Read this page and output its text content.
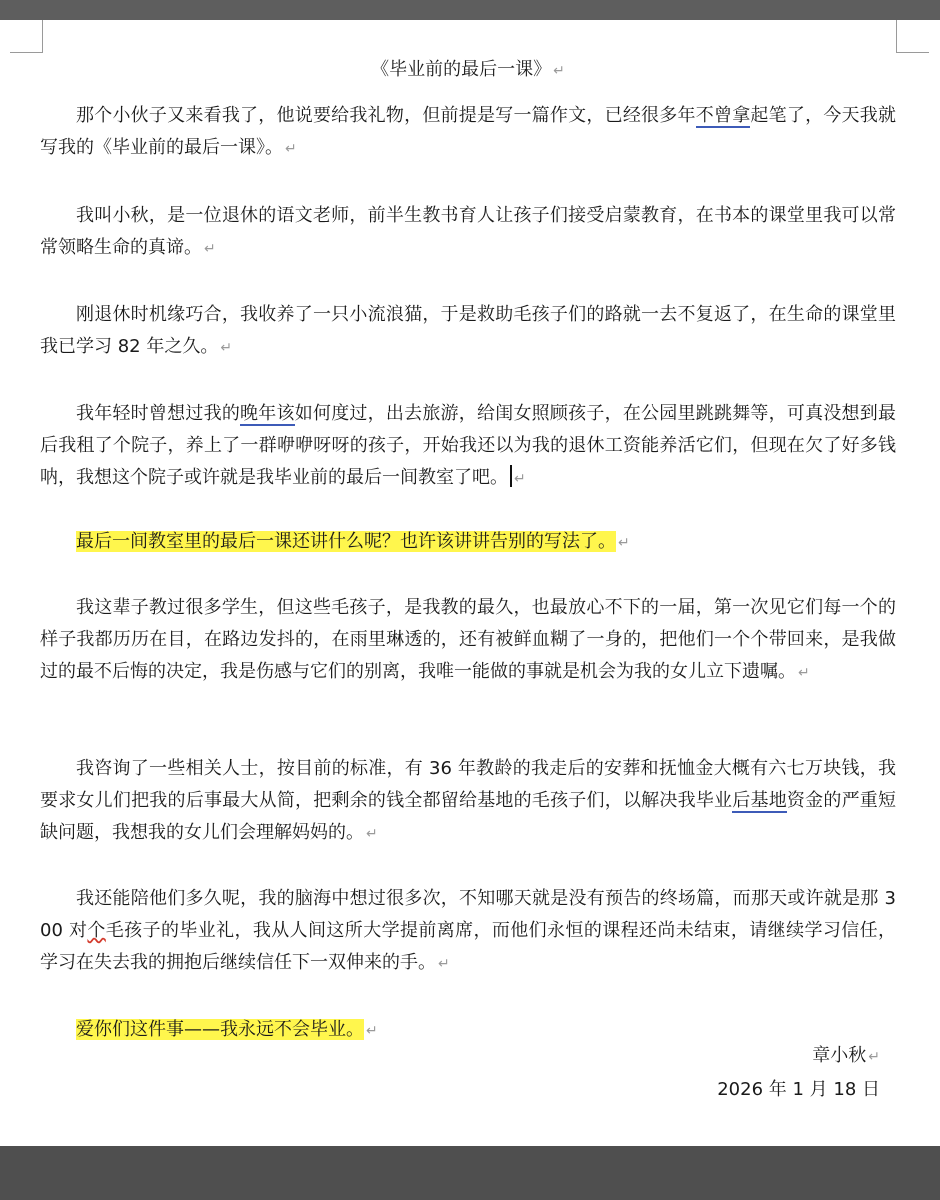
《毕业前的最后一课》 ↵
那个小伙子又来看我了，他说要给我礼物，但前提是写一篇作文，已经很多年不曾拿起笔了，今天我就写我的《毕业前的最后一课》。 ↵
我叫小秋，是一位退休的语文老师，前半生教书育人让孩子们接受启蒙教育，在书本的课堂里我可以常常领略生命的真谛。 ↵
刚退休时机缘巧合，我收养了一只小流浪猫，于是救助毛孩子们的路就一去不复返了，在生命的课堂里我已学习 82 年之久。 ↵
我年轻时曾想过我的晚年该如何度过，出去旅游，给闺女照顾孩子，在公园里跳跳舞等，可真没想到最后我租了个院子，养上了一群咿咿呀呀的孩子，开始我还以为我的退休工资能养活它们，但现在欠了好多钱呐，我想这个院子或许就是我毕业前的最后一间教室了吧。 ↵
最后一间教室里的最后一课还讲什么呢？也许该讲讲告别的写法了。 ↵
我这辈子教过很多学生，但这些毛孩子，是我教的最久，也最放心不下的一届，第一次见它们每一个的样子我都历历在目，在路边发抖的，在雨里琳透的，还有被鲜血糊了一身的，把他们一个个带回来，是我做过的最不后悔的决定，我是伤感与它们的别离，我唯一能做的事就是机会为我的女儿立下遗嘱。 ↵
我咨询了一些相关人士，按目前的标准，有 36 年教龄的我走后的安葬和抚恤金大概有六七万块钱，我要求女儿们把我的后事最大从简，把剩余的钱全都留给基地的毛孩子们，以解决我毕业后基地资金的严重短缺问题，我想我的女儿们会理解妈妈的。 ↵
我还能陪他们多久呢，我的脑海中想过很多次，不知哪天就是没有预告的终场篇，而那天或许就是那 300 对个毛孩子的毕业礼，我从人间这所大学提前离席，而他们永恒的课程还尚未结束，请继续学习信任，学习在失去我的拥抱后继续信任下一双伸来的手。 ↵
爱你们这件事——我永远不会毕业。 ↵
章小秋 ↵
2026 年 1 月 18 日
